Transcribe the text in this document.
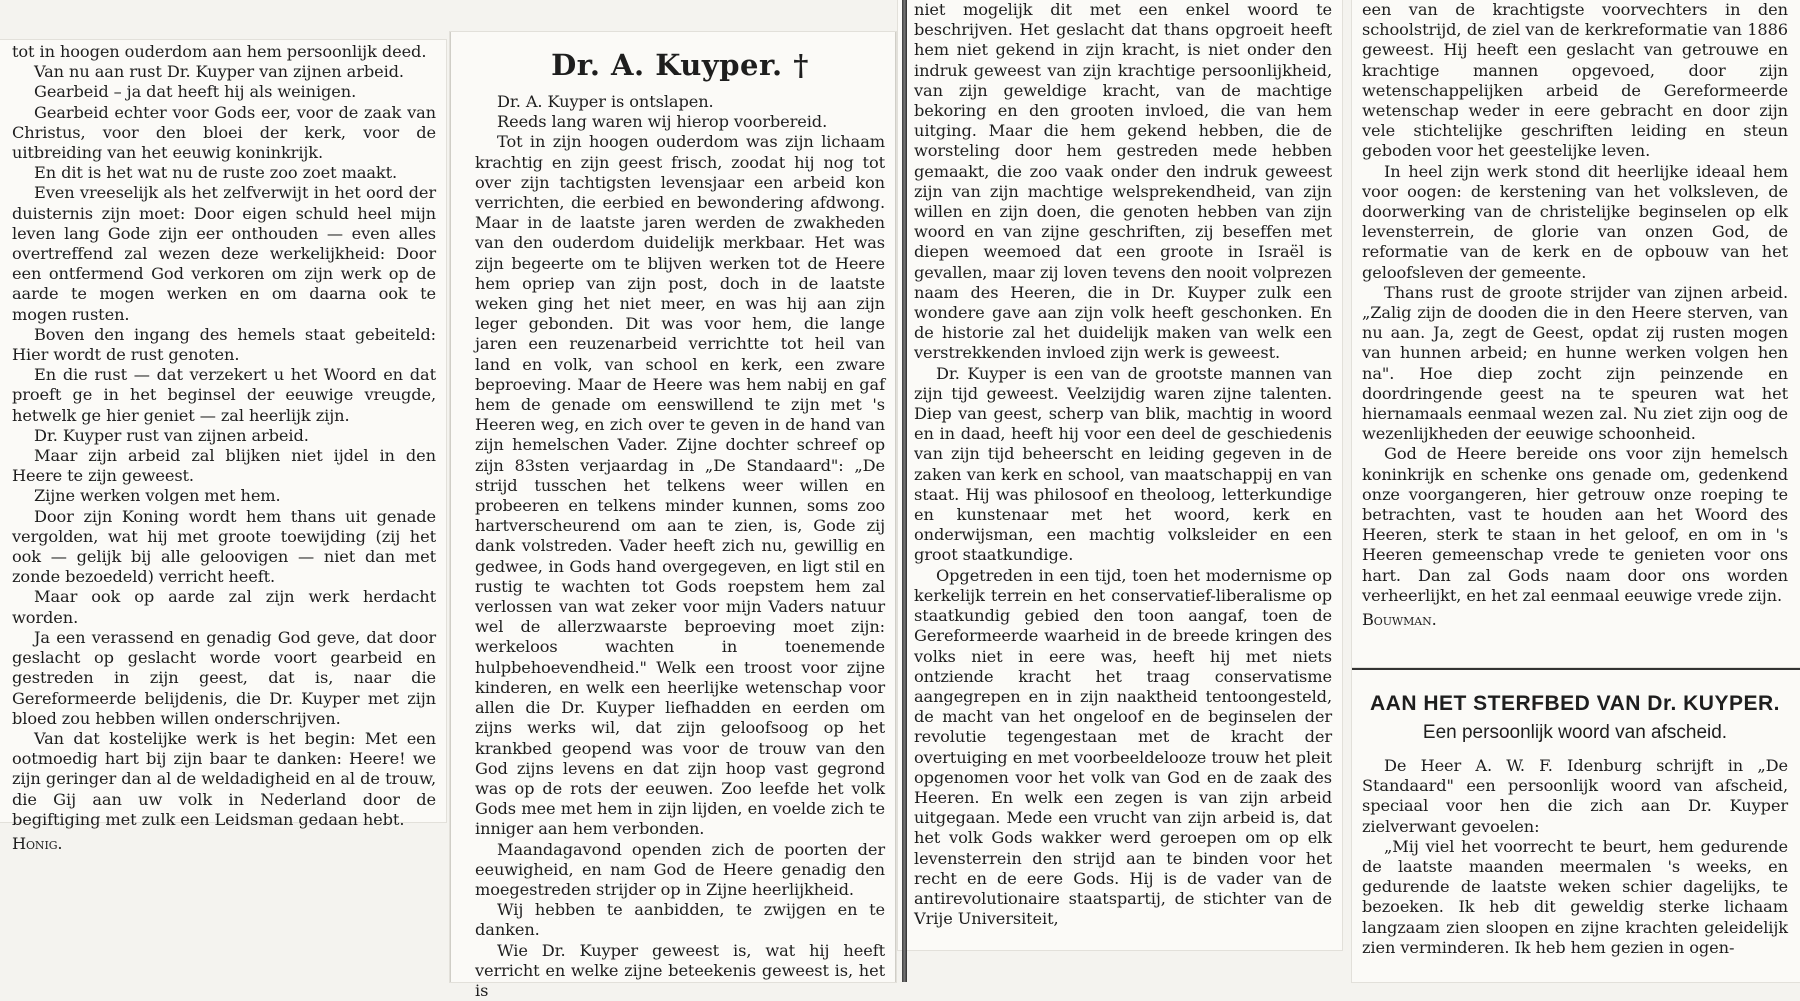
tot in hoogen ouderdom aan hem persoonlijk deed.

Van nu aan rust Dr. Kuyper van zijnen arbeid.

Gearbeid – ja dat heeft hij als weinigen.

Gearbeid echter voor Gods eer, voor de zaak van Christus, voor den bloei der kerk, voor de uitbreiding van het eeuwig koninkrijk.

En dit is het wat nu de ruste zoo zoet maakt.

Even vreeselijk als het zelfverwijt in het oord der duisternis zijn moet: Door eigen schuld heel mijn leven lang Gode zijn eer onthouden — even alles overtreffend zal wezen deze werkelijkheid: Door een ontfermend God verkoren om zijn werk op de aarde te mogen werken en om daarna ook te mogen rusten.

Boven den ingang des hemels staat gebeiteld: Hier wordt de rust genoten.

En die rust — dat verzekert u het Woord en dat proeft ge in het beginsel der eeuwige vreugde, hetwelk ge hier geniet — zal heerlijk zijn.

Dr. Kuyper rust van zijnen arbeid.

Maar zijn arbeid zal blijken niet ijdel in den Heere te zijn geweest.

Zijne werken volgen met hem.

Door zijn Koning wordt hem thans uit genade vergolden, wat hij met groote toewijding (zij het ook — gelijk bij alle geloovigen — niet dan met zonde bezoedeld) verricht heeft.

Maar ook op aarde zal zijn werk herdacht worden.

Ja een verassend en genadig God geve, dat door geslacht op geslacht worde voort gearbeid en gestreden in zijn geest, dat is, naar die Gereformeerde belijdenis, die Dr. Kuyper met zijn bloed zou hebben willen onderschrijven.

Van dat kostelijke werk is het begin: Met een ootmoedig hart bij zijn baar te danken: Heere! we zijn geringer dan al de weldadigheid en al de trouw, die Gij aan uw volk in Nederland door de begiftiging met zulk een Leidsman gedaan hebt.

Honig.

Dr. A. Kuyper. †

Dr. A. Kuyper is ontslapen.

Reeds lang waren wij hierop voorbereid.

Tot in zijn hoogen ouderdom was zijn lichaam krachtig en zijn geest frisch, zoodat hij nog tot over zijn tachtigsten levensjaar een arbeid kon verrichten, die eerbied en bewondering afdwong. Maar in de laatste jaren werden de zwakheden van den ouderdom duidelijk merkbaar. Het was zijn begeerte om te blijven werken tot de Heere hem opriep van zijn post, doch in de laatste weken ging het niet meer, en was hij aan zijn leger gebonden. Dit was voor hem, die lange jaren een reuzenarbeid verrichtte tot heil van land en volk, van school en kerk, een zware beproeving. Maar de Heere was hem nabij en gaf hem de genade om eenswillend te zijn met 's Heeren weg, en zich over te geven in de hand van zijn hemelschen Vader. Zijne dochter schreef op zijn 83sten verjaardag in „De Standaard": „De strijd tusschen het telkens weer willen en probeeren en telkens minder kunnen, soms zoo hartverscheurend om aan te zien, is, Gode zij dank volstreden. Vader heeft zich nu, gewillig en gedwee, in Gods hand overgegeven, en ligt stil en rustig te wachten tot Gods roepstem hem zal verlossen van wat zeker voor mijn Vaders natuur wel de allerzwaarste beproeving moet zijn: werkeloos wachten in toenemende hulpbehoevendheid." Welk een troost voor zijne kinderen, en welk een heerlijke wetenschap voor allen die Dr. Kuyper liefhadden en eerden om zijns werks wil, dat zijn geloofsoog op het krankbed geopend was voor de trouw van den God zijns levens en dat zijn hoop vast gegrond was op de rots der eeuwen. Zoo leefde het volk Gods mee met hem in zijn lijden, en voelde zich te inniger aan hem verbonden.

Maandagavond openden zich de poorten der eeuwigheid, en nam God de Heere genadig den moegestreden strijder op in Zijne heerlijkheid.

Wij hebben te aanbidden, te zwijgen en te danken.

Wie Dr. Kuyper geweest is, wat hij heeft verricht en welke zijne beteekenis geweest is, het is

niet mogelijk dit met een enkel woord te beschrijven. Het geslacht dat thans opgroeit heeft hem niet gekend in zijn kracht, is niet onder den indruk geweest van zijn krachtige persoonlijkheid, van zijn geweldige kracht, van de machtige bekoring en den grooten invloed, die van hem uitging. Maar die hem gekend hebben, die de worsteling door hem gestreden mede hebben gemaakt, die zoo vaak onder den indruk geweest zijn van zijn machtige welsprekendheid, van zijn willen en zijn doen, die genoten hebben van zijn woord en van zijne geschriften, zij beseffen met diepen weemoed dat een groote in Israël is gevallen, maar zij loven tevens den nooit volprezen naam des Heeren, die in Dr. Kuyper zulk een wondere gave aan zijn volk heeft geschonken. En de historie zal het duidelijk maken van welk een verstrekkenden invloed zijn werk is geweest.

Dr. Kuyper is een van de grootste mannen van zijn tijd geweest. Veelzijdig waren zijne talenten. Diep van geest, scherp van blik, machtig in woord en in daad, heeft hij voor een deel de geschiedenis van zijn tijd beheerscht en leiding gegeven in de zaken van kerk en school, van maatschappij en van staat. Hij was philosoof en theoloog, letterkundige en kunstenaar met het woord, kerk en onderwijsman, een machtig volksleider en een groot staatkundige.

Opgetreden in een tijd, toen het modernisme op kerkelijk terrein en het conservatief-liberalisme op staatkundig gebied den toon aangaf, toen de Gereformeerde waarheid in de breede kringen des volks niet in eere was, heeft hij met niets ontziende kracht het traag conservatisme aangegrepen en in zijn naaktheid tentoongesteld, de macht van het ongeloof en de beginselen der revolutie tegengestaan met de kracht der overtuiging en met voorbeeldelooze trouw het pleit opgenomen voor het volk van God en de zaak des Heeren. En welk een zegen is van zijn arbeid uitgegaan. Mede een vrucht van zijn arbeid is, dat het volk Gods wakker werd geroepen om op elk levensterrein den strijd aan te binden voor het recht en de eere Gods. Hij is de vader van de antirevolutionaire staatspartij, de stichter van de Vrije Universiteit,

een van de krachtigste voorvechters in den schoolstrijd, de ziel van de kerkreformatie van 1886 geweest. Hij heeft een geslacht van getrouwe en krachtige mannen opgevoed, door zijn wetenschappelijken arbeid de Gereformeerde wetenschap weder in eere gebracht en door zijn vele stichtelijke geschriften leiding en steun geboden voor het geestelijke leven.

In heel zijn werk stond dit heerlijke ideaal hem voor oogen: de kerstening van het volksleven, de doorwerking van de christelijke beginselen op elk levensterrein, de glorie van onzen God, de reformatie van de kerk en de opbouw van het geloofsleven der gemeente.

Thans rust de groote strijder van zijnen arbeid. „Zalig zijn de dooden die in den Heere sterven, van nu aan. Ja, zegt de Geest, opdat zij rusten mogen van hunnen arbeid; en hunne werken volgen hen na". Hoe diep zocht zijn peinzende en doordringende geest na te speuren wat het hiernamaals eenmaal wezen zal. Nu ziet zijn oog de wezenlijkheden der eeuwige schoonheid.

God de Heere bereide ons voor zijn hemelsch koninkrijk en schenke ons genade om, gedenkend onze voorgangeren, hier getrouw onze roeping te betrachten, vast te houden aan het Woord des Heeren, sterk te staan in het geloof, en om in 's Heeren gemeenschap vrede te genieten voor ons hart. Dan zal Gods naam door ons worden verheerlijkt, en het zal eenmaal eeuwige vrede zijn.

Bouwman.

AAN HET STERFBED VAN Dr. KUYPER.
Een persoonlijk woord van afscheid.

De Heer A. W. F. Idenburg schrijft in „De Standaard" een persoonlijk woord van afscheid, speciaal voor hen die zich aan Dr. Kuyper zielverwant gevoelen:

„Mij viel het voorrecht te beurt, hem gedurende de laatste maanden meermalen 's weeks, en gedurende de laatste weken schier dagelijks, te bezoeken. Ik heb dit geweldig sterke lichaam langzaam zien sloopen en zijne krachten geleidelijk zien verminderen. Ik heb hem gezien in ogen-
